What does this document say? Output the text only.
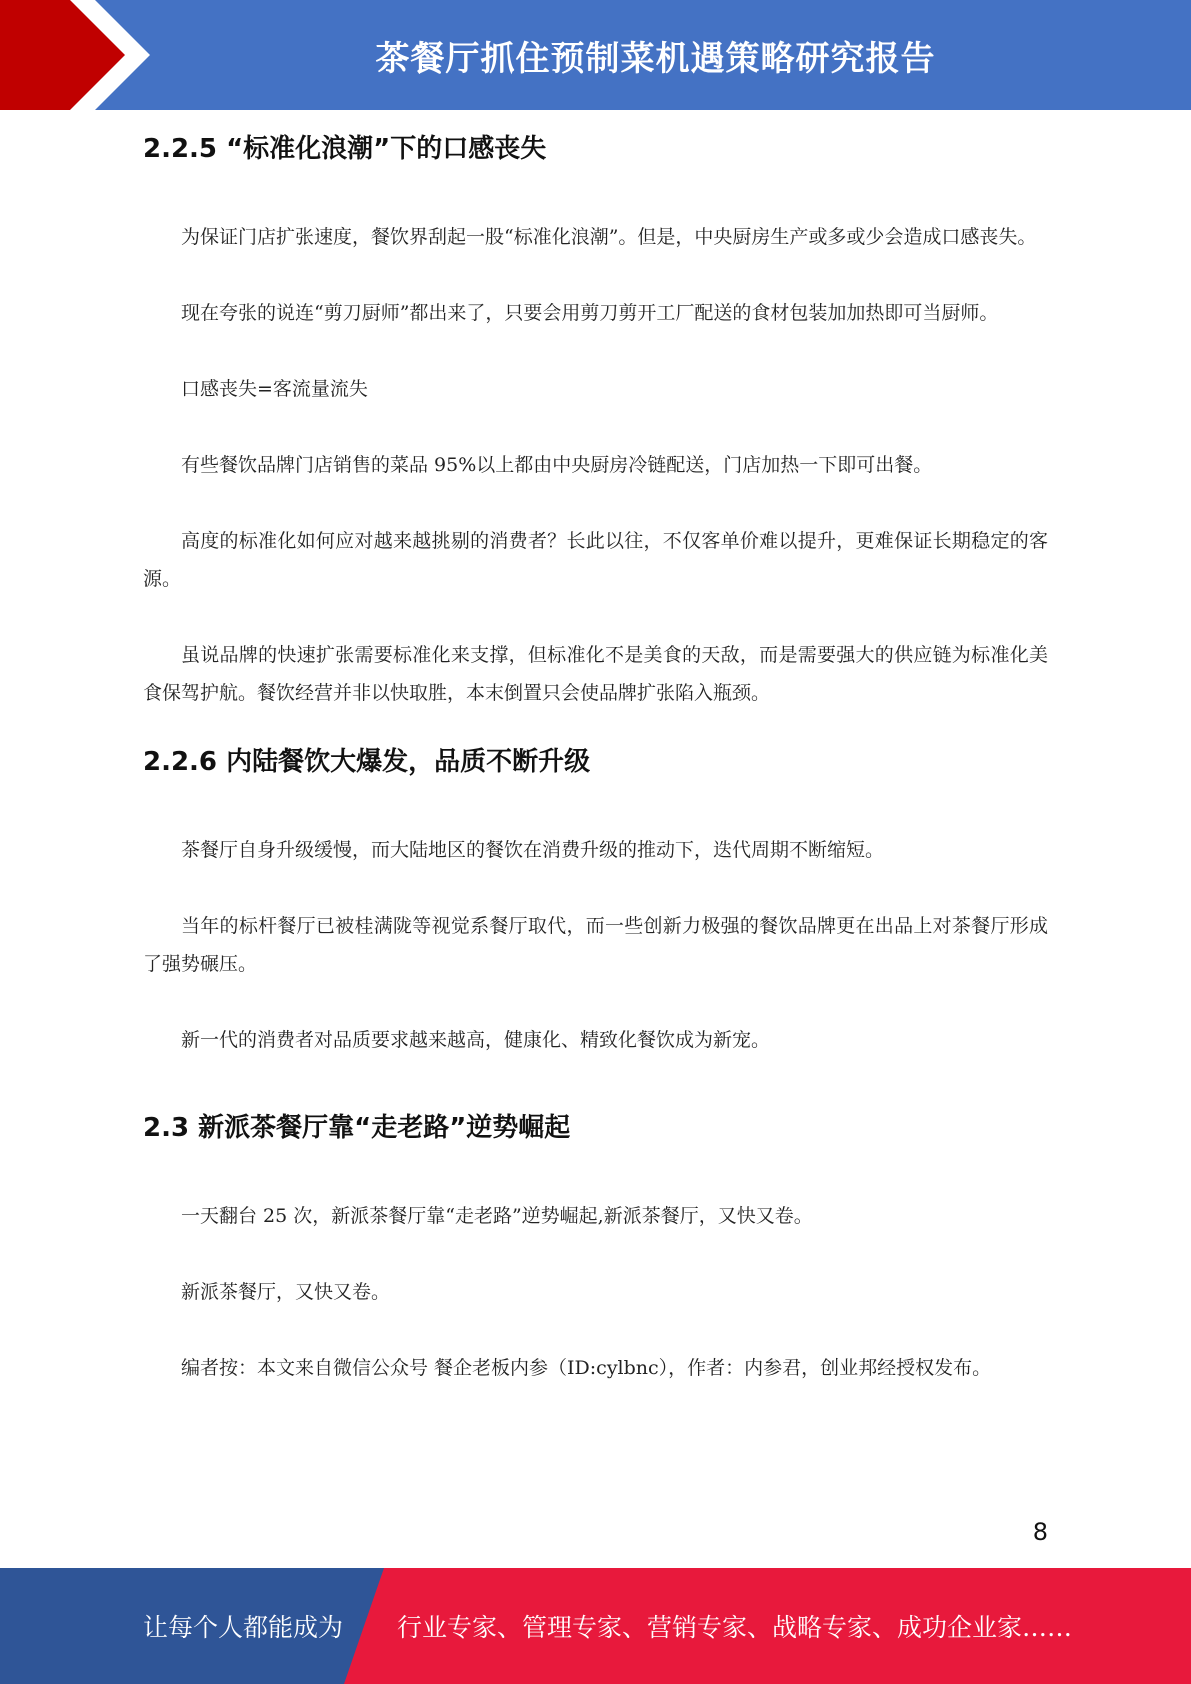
茶餐厅抓住预制菜机遇策略研究报告
2.2.5 “标准化浪潮”下的口感丧失

为保证门店扩张速度，餐饮界刮起一股“标准化浪潮”。但是，中央厨房生产或多或少会造成口感丧失。

现在夸张的说连“剪刀厨师”都出来了，只要会用剪刀剪开工厂配送的食材包装加加热即可当厨师。

口感丧失=客流量流失

有些餐饮品牌门店销售的菜品 95%以上都由中央厨房冷链配送，门店加热一下即可出餐。

高度的标准化如何应对越来越挑剔的消费者？长此以往，不仅客单价难以提升，更难保证长期稳定的客源。

虽说品牌的快速扩张需要标准化来支撑，但标准化不是美食的天敌，而是需要强大的供应链为标准化美食保驾护航。餐饮经营并非以快取胜，本末倒置只会使品牌扩张陷入瓶颈。

2.2.6 内陆餐饮大爆发，品质不断升级

茶餐厅自身升级缓慢，而大陆地区的餐饮在消费升级的推动下，迭代周期不断缩短。

当年的标杆餐厅已被桂满陇等视觉系餐厅取代，而一些创新力极强的餐饮品牌更在出品上对茶餐厅形成了强势碾压。

新一代的消费者对品质要求越来越高，健康化、精致化餐饮成为新宠。

2.3 新派茶餐厅靠“走老路”逆势崛起

一天翻台 25 次，新派茶餐厅靠“走老路”逆势崛起,新派茶餐厅，又快又卷。

新派茶餐厅，又快又卷。

编者按：本文来自微信公众号 餐企老板内参（ID:cylbnc），作者：内参君，创业邦经授权发布。

8
让每个人都能成为 行业专家、管理专家、营销专家、战略专家、成功企业家……
